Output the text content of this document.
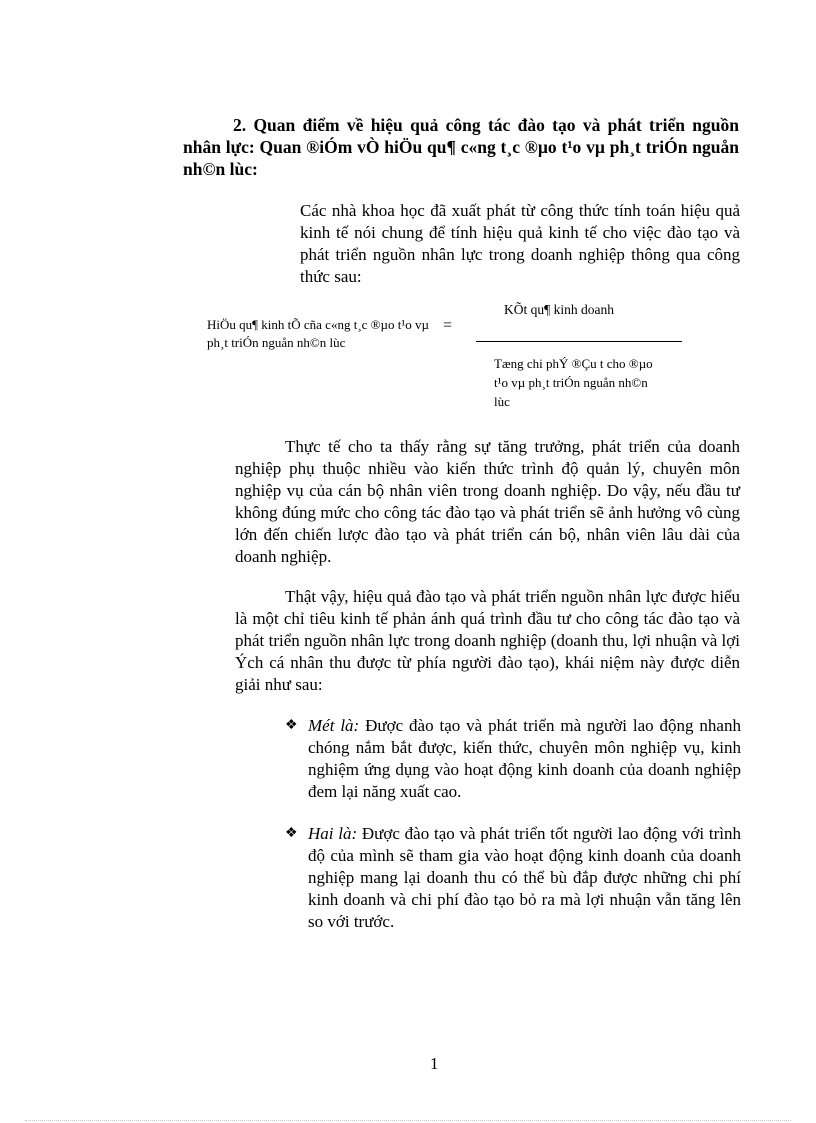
2. Quan điểm về hiệu quả công tác đào tạo và phát triển nguồn nhân lực: Quan ®iÓm vÒ hiÖu qu¶ c«ng t¸c ®µo t¹o vµ ph¸t triÓn nguån nh©n lùc:
Các nhà khoa học đã xuất phát từ công thức tính toán hiệu quả kinh tế nói chung để tính hiệu quả kinh tế cho việc đào tạo và phát triển nguồn nhân lực trong doanh nghiệp thông qua công thức sau:
HiÖu qu¶ kinh tÕ cña c«ng t¸c ®µo t¹o vµ ph¸t triÓn nguån nh©n lùc
=
KÕt qu¶ kinh doanh
Tæng chi phÝ ®Çu t cho ®µo t¹o vµ ph¸t triÓn nguån nh©n lùc
Thực tế cho ta thấy rằng sự tăng trưởng, phát triển của doanh nghiệp phụ thuộc nhiều vào kiến thức trình độ quản lý, chuyên môn nghiệp vụ của cán bộ nhân viên trong doanh nghiệp. Do vậy, nếu đầu tư không đúng mức cho công tác đào tạo và phát triển sẽ ảnh hưởng vô cùng lớn đến chiến lược đào tạo và phát triển cán bộ, nhân viên lâu dài của doanh nghiệp.
Thật vậy, hiệu quả đào tạo và phát triển nguồn nhân lực được hiểu là một chỉ tiêu kinh tế phản ánh quá trình đầu tư cho công tác đào tạo và phát triển nguồn nhân lực trong doanh nghiệp (doanh thu, lợi nhuận và lợi Ých cá nhân thu được từ phía người đào tạo), khái niệm này được diễn giải như sau:
❖ Mét là: Được đào tạo và phát triển mà người lao động nhanh chóng nắm bắt được, kiến thức, chuyên môn nghiệp vụ, kinh nghiệm ứng dụng vào hoạt động kinh doanh của doanh nghiệp đem lại năng xuất cao.
❖ Hai là: Được đào tạo và phát triển tốt người lao động với trình độ của mình sẽ tham gia vào hoạt động kinh doanh của doanh nghiệp mang lại doanh thu có thể bù đắp được những chi phí kinh doanh và chi phí đào tạo bỏ ra mà lợi nhuận vẫn tăng lên so với trước.
1
